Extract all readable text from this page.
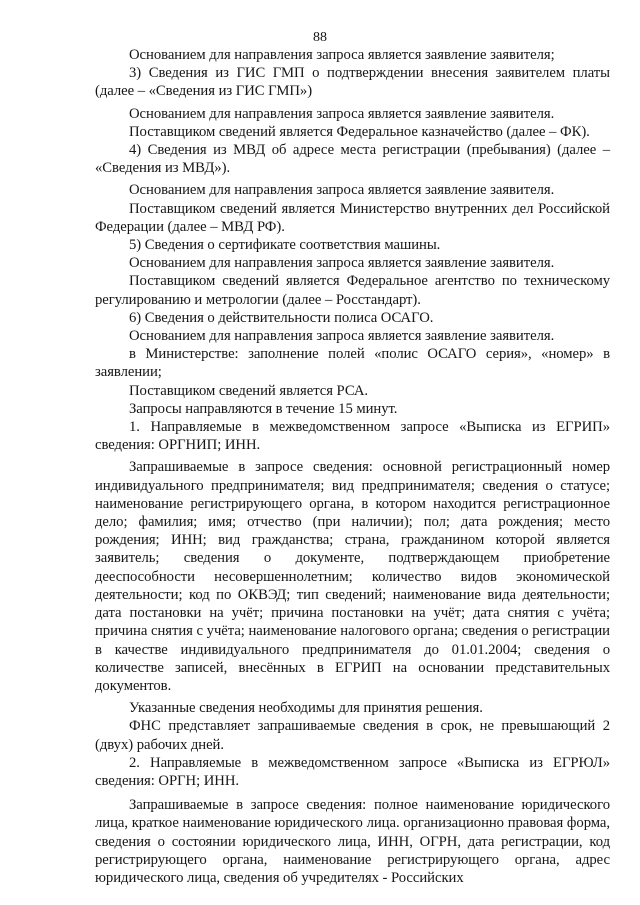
88

Основанием для направления запроса является заявление заявителя;

3) Сведения из ГИС ГМП о подтверждении внесения заявителем платы (далее – «Сведения из ГИС ГМП»)

Основанием для направления запроса является заявление заявителя.

Поставщиком сведений является Федеральное казначейство (далее – ФК).

4) Сведения из МВД об адресе места регистрации (пребывания) (далее – «Сведения из МВД»).

Основанием для направления запроса является заявление заявителя.

Поставщиком сведений является Министерство внутренних дел Российской Федерации (далее – МВД РФ).

5) Сведения о сертификате соответствия машины.

Основанием для направления запроса является заявление заявителя.

Поставщиком сведений является Федеральное агентство по техническому регулированию и метрологии (далее – Росстандарт).

6) Сведения о действительности полиса ОСАГО.

Основанием для направления запроса является заявление заявителя.

в Министерстве: заполнение полей «полис ОСАГО серия», «номер» в заявлении;

Поставщиком сведений является РСА.

Запросы направляются в течение 15 минут.

1. Направляемые в межведомственном запросе «Выписка из ЕГРИП» сведения: ОРГНИП; ИНН.

Запрашиваемые в запросе сведения: основной регистрационный номер индивидуального предпринимателя; вид предпринимателя; сведения о статусе; наименование регистрирующего органа, в котором находится регистрационное дело; фамилия; имя; отчество (при наличии); пол; дата рождения; место рождения; ИНН; вид гражданства; страна, гражданином которой является заявитель; сведения о документе, подтверждающем приобретение дееспособности несовершеннолетним; количество видов экономической деятельности; код по ОКВЭД; тип сведений; наименование вида деятельности; дата постановки на учёт; причина постановки на учёт; дата снятия с учёта; причина снятия с учёта; наименование налогового органа; сведения о регистрации в качестве индивидуального предпринимателя до 01.01.2004; сведения о количестве записей, внесённых в ЕГРИП на основании представительных документов.

Указанные сведения необходимы для принятия решения.

ФНС представляет запрашиваемые сведения в срок, не превышающий 2 (двух) рабочих дней.

2. Направляемые в межведомственном запросе «Выписка из ЕГРЮЛ» сведения: ОРГН; ИНН.

Запрашиваемые в запросе сведения: полное наименование юридического лица, краткое наименование юридического лица. организационно правовая форма, сведения о состоянии юридического лица, ИНН, ОГРН, дата регистрации, код регистрирующего органа, наименование регистрирующего органа, адрес юридического лица, сведения об учредителях - Российских
